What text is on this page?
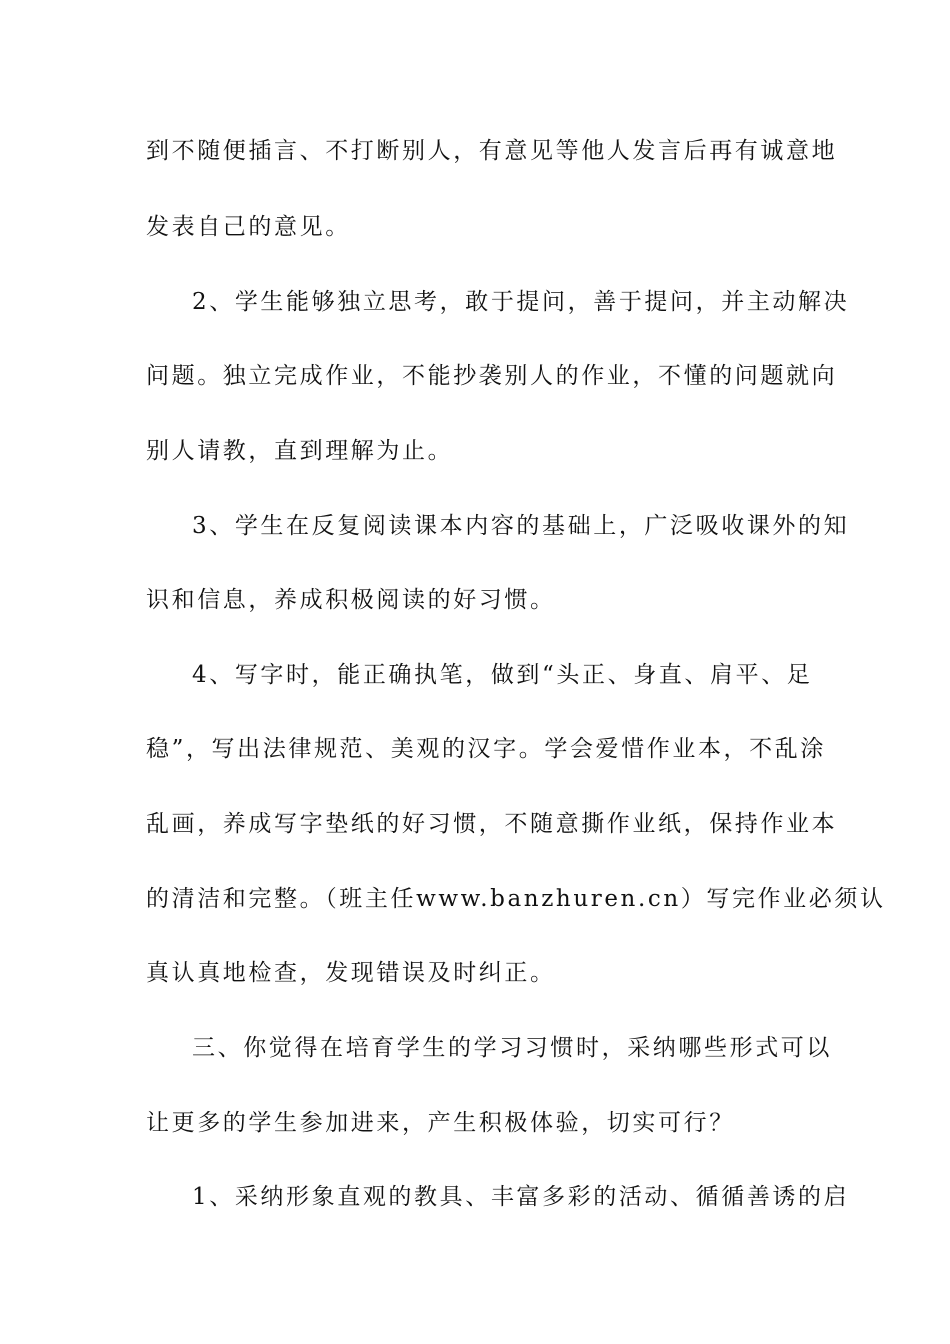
到不随便插言、不打断别人，有意见等他人发言后再有诚意地
发表自己的意见。
2、学生能够独立思考，敢于提问，善于提问，并主动解决
问题。独立完成作业，不能抄袭别人的作业，不懂的问题就向
别人请教，直到理解为止。
3、学生在反复阅读课本内容的基础上，广泛吸收课外的知
识和信息，养成积极阅读的好习惯。
4、写字时，能正确执笔，做到“头正、身直、肩平、足
稳”，写出法律规范、美观的汉字。学会爱惜作业本，不乱涂
乱画，养成写字垫纸的好习惯，不随意撕作业纸，保持作业本
的清洁和完整。（班主任www.banzhuren.cn）写完作业必须认
真认真地检查，发现错误及时纠正。
三、你觉得在培育学生的学习习惯时，采纳哪些形式可以
让更多的学生参加进来，产生积极体验，切实可行？
1、采纳形象直观的教具、丰富多彩的活动、循循善诱的启
